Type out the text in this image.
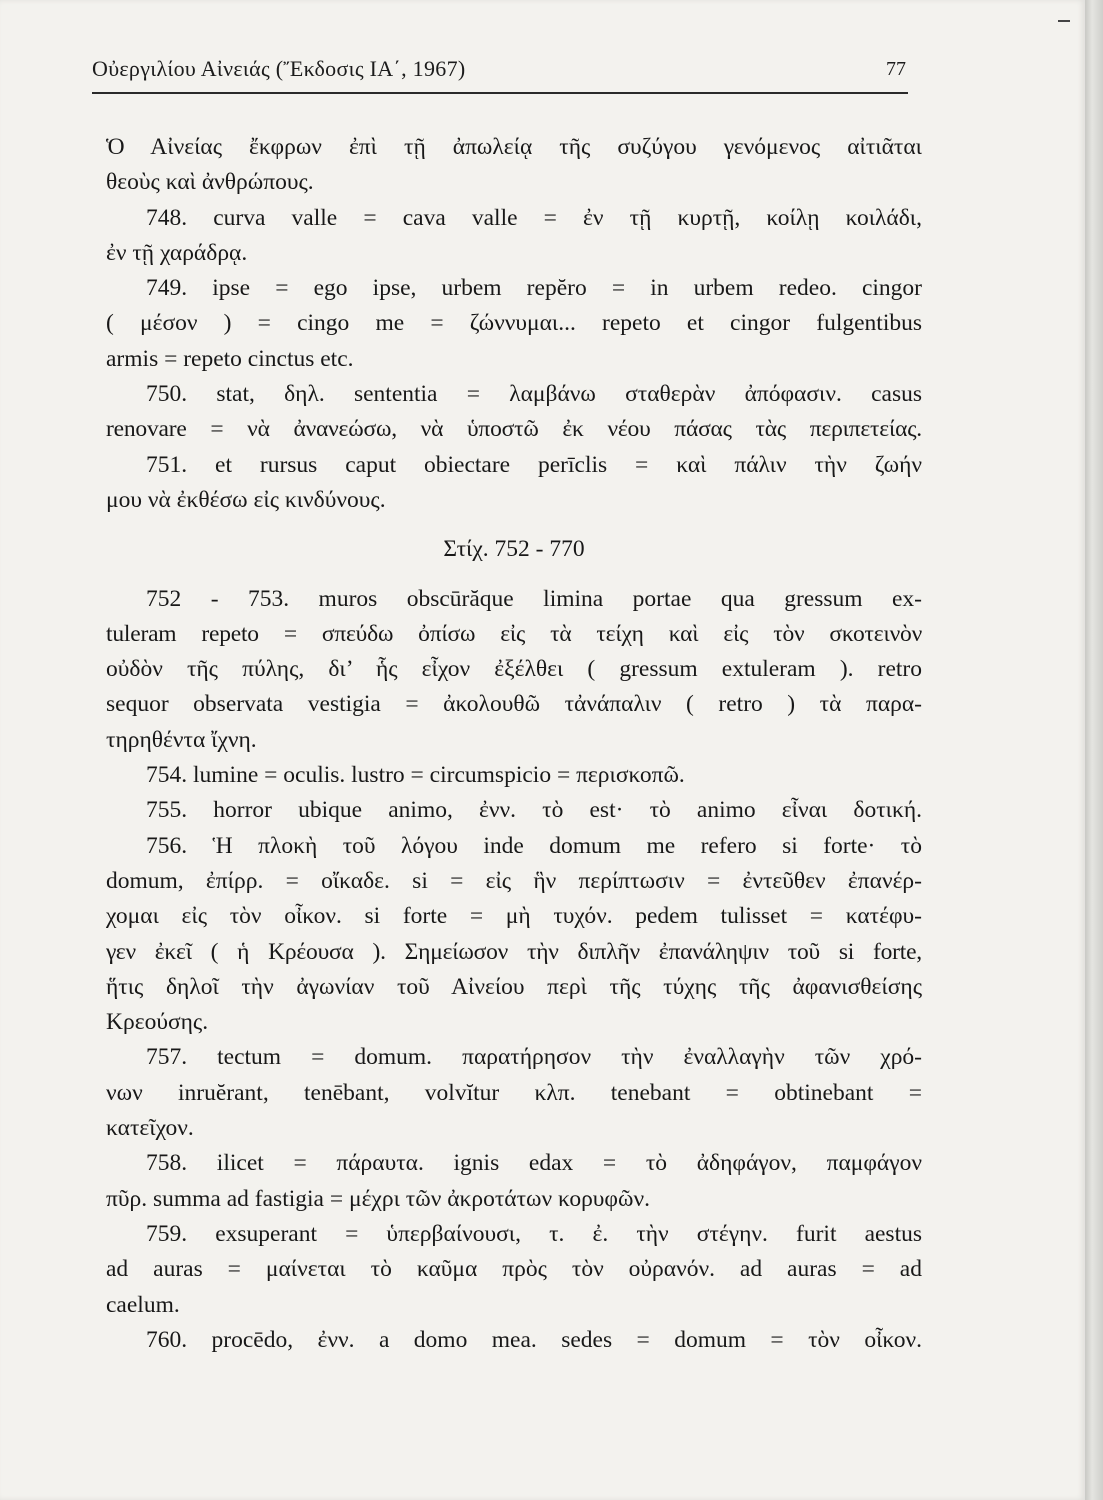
Οὐεργιλίου Αἰνειάς (Ἔκδοσις ΙΑ΄, 1967)	77
Ὁ Αἰνείας ἔκφρων ἐπὶ τῇ ἀπωλείᾳ τῆς συζύγου γενόμενος αἰτιᾶται
θεοὺς καὶ ἀνθρώπους.
748. curva valle = cava valle = ἐν τῇ κυρτῇ, κοίλῃ κοιλάδι,
ἐν τῇ χαράδρᾳ.
749. ipse = ego ipse, urbem repĕro = in urbem redeo. cingor
( μέσον ) = cingo me = ζώννυμαι... repeto et cingor fulgentibus
armis = repeto cinctus etc.
750. stat, δηλ. sententia = λαμβάνω σταθερὰν ἀπόφασιν. casus
renovare = νὰ ἀνανεώσω, νὰ ὑποστῶ ἐκ νέου πάσας τὰς περιπετείας.
751. et rursus caput obiectare perīclis = καὶ πάλιν τὴν ζωήν
μου νὰ ἐκθέσω εἰς κινδύνους.
Στίχ. 752 - 770
752 - 753. muros obscūrăque limina portae qua gressum ex-
tuleram repeto = σπεύδω ὀπίσω εἰς τὰ τείχη καὶ εἰς τὸν σκοτεινὸν
οὐδὸν τῆς πύλης, δι’ ἧς εἶχον ἐξέλθει ( gressum extuleram ). retro
sequor observata vestigia = ἀκολουθῶ τἀνάπαλιν ( retro ) τὰ παρα-
τηρηθέντα ἴχνη.
754. lumine = oculis. lustro = circumspicio = περισκοπῶ.
755. horror ubique animo, ἐνν. τὸ est· τὸ animo εἶναι δοτική.
756. Ἡ πλοκὴ τοῦ λόγου inde domum me refero si forte· τὸ
domum, ἐπίρρ. = οἴκαδε. si = εἰς ἣν περίπτωσιν = ἐντεῦθεν ἐπανέρ-
χομαι εἰς τὸν οἶκον. si forte = μὴ τυχόν. pedem tulisset = κατέφυ-
γεν ἐκεῖ ( ἡ Κρέουσα ). Σημείωσον τὴν διπλῆν ἐπανάληψιν τοῦ si forte,
ἥτις δηλοῖ τὴν ἀγωνίαν τοῦ Αἰνείου περὶ τῆς τύχης τῆς ἀφανισθείσης
Κρεούσης.
757. tectum = domum. παρατήρησον τὴν ἐναλλαγὴν τῶν χρό-
νων inruĕrant, tenēbant, volvĭtur κλπ. tenebant = obtinebant =
κατεῖχον.
758. ilicet = πάραυτα. ignis edax = τὸ ἀδηφάγον, παμφάγον
πῦρ. summa ad fastigia = μέχρι τῶν ἀκροτάτων κορυφῶν.
759. exsuperant = ὑπερβαίνουσι, τ. ἐ. τὴν στέγην. furit aestus
ad auras = μαίνεται τὸ καῦμα πρὸς τὸν οὐρανόν. ad auras = ad
caelum.
760. procēdo, ἐνν. a domo mea. sedes = domum = τὸν οἶκον.
